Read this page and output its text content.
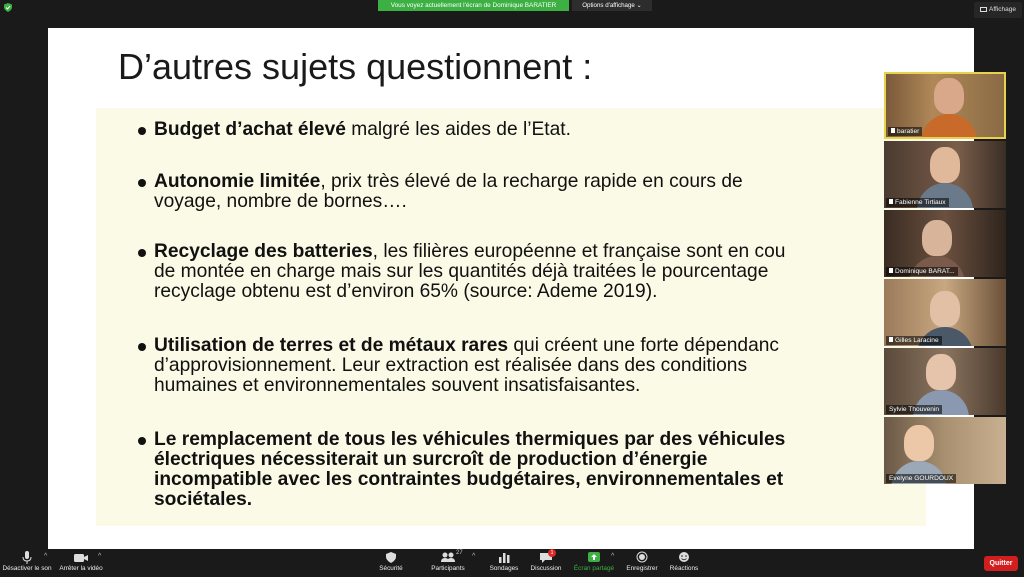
Vous voyez actuellement l'écran de Dominique BARATIER	Options d'affichage ⌄
Affichage
D’autres sujets questionnent :
Budget d’achat élevé malgré les aides de l’Etat.
Autonomie limitée, prix très élevé de la recharge rapide en cours de
voyage, nombre de bornes….
Recyclage des batteries, les filières européenne et française sont en cou
de montée en charge mais sur les quantités déjà traitées le pourcentage
recyclage obtenu est d’environ 65% (source: Ademe 2019).
Utilisation de terres et de métaux rares qui créent une forte dépendanc
d’approvisionnement. Leur extraction est réalisée dans des conditions
humaines et environnementales souvent insatisfaisantes.
Le remplacement de tous les véhicules thermiques par des véhicules
électriques nécessiterait un surcroît de production d’énergie
incompatible avec les contraintes budgétaires, environnementales et
sociétales.
baratier
Fabienne Tirtiaux
Dominique BARAT...
Gilles Laracine
Sylvie Thouvenin
Evelyne GOURDOUX
Désactiver le son
^
Arrêter la vidéo
^
Sécurité	Participants
27 ^
Sondages	Discussion
1
Écran partagé
^
Enregistrer	Réactions
Quitter
